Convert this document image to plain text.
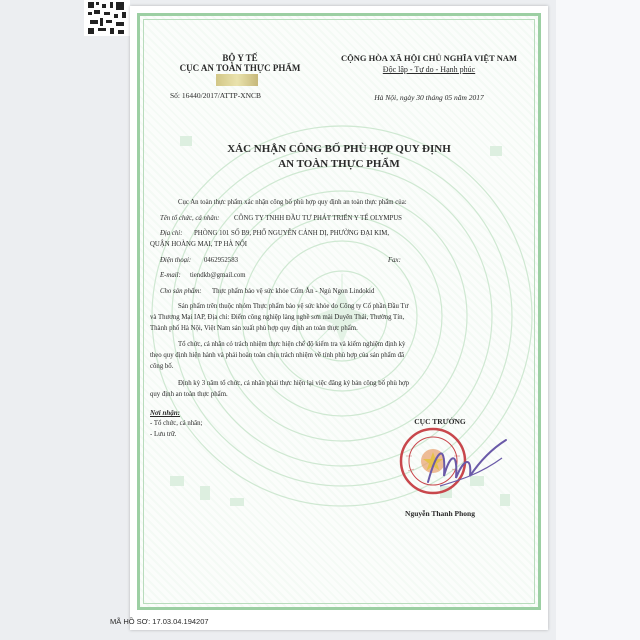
BỘ Y TẾ
CỤC AN TOÀN THỰC PHẨM
Số: 16440/2017/ATTP-XNCB
CỘNG HÒA XÃ HỘI CHỦ NGHĨA VIỆT NAM
Độc lập - Tự do - Hạnh phúc
Hà Nội, ngày 30 tháng 05 năm 2017
XÁC NHẬN CÔNG BỐ PHÙ HỢP QUY ĐỊNH
AN TOÀN THỰC PHẨM
Cục An toàn thực phẩm xác nhận công bố phù hợp quy định an toàn thực phẩm của:
Tên tổ chức, cá nhân: CÔNG TY TNHH ĐẦU TƯ PHÁT TRIỂN Y TẾ OLYMPUS
Địa chỉ: PHÒNG 101 SỐ B9, PHỐ NGUYỄN CẢNH DỊ, PHƯỜNG ĐẠI KIM,
QUẬN HOÀNG MAI, TP HÀ NỘI
Điện thoại: 0462952583	Fax:
E-mail: tiendkb@gmail.com
Cho sản phẩm: Thực phẩm bảo vệ sức khỏe Cốm Ăn - Ngủ Ngon Lindokid
Sản phẩm trên thuộc nhóm Thực phẩm bảo vệ sức khỏe do Công ty Cổ phần Đầu Tư
và Thương Mại IAP, Địa chỉ: Điểm công nghiệp làng nghề sơn mài Duyên Thái, Thường Tín,
Thành phố Hà Nội, Việt Nam sản xuất phù hợp quy định an toàn thực phẩm.
Tổ chức, cá nhân có trách nhiệm thực hiện chế độ kiểm tra và kiểm nghiệm định kỳ
theo quy định hiện hành và phải hoàn toàn chịu trách nhiệm về tính phù hợp của sản phẩm đã
công bố.
Định kỳ 3 năm tổ chức, cá nhân phải thực hiện lại việc đăng ký bản công bố phù hợp
quy định an toàn thực phẩm.
Nơi nhận:
- Tổ chức, cá nhân;
- Lưu trữ.
CỤC TRƯỞNG
Nguyễn Thanh Phong
MÃ HỒ SƠ: 17.03.04.194207
